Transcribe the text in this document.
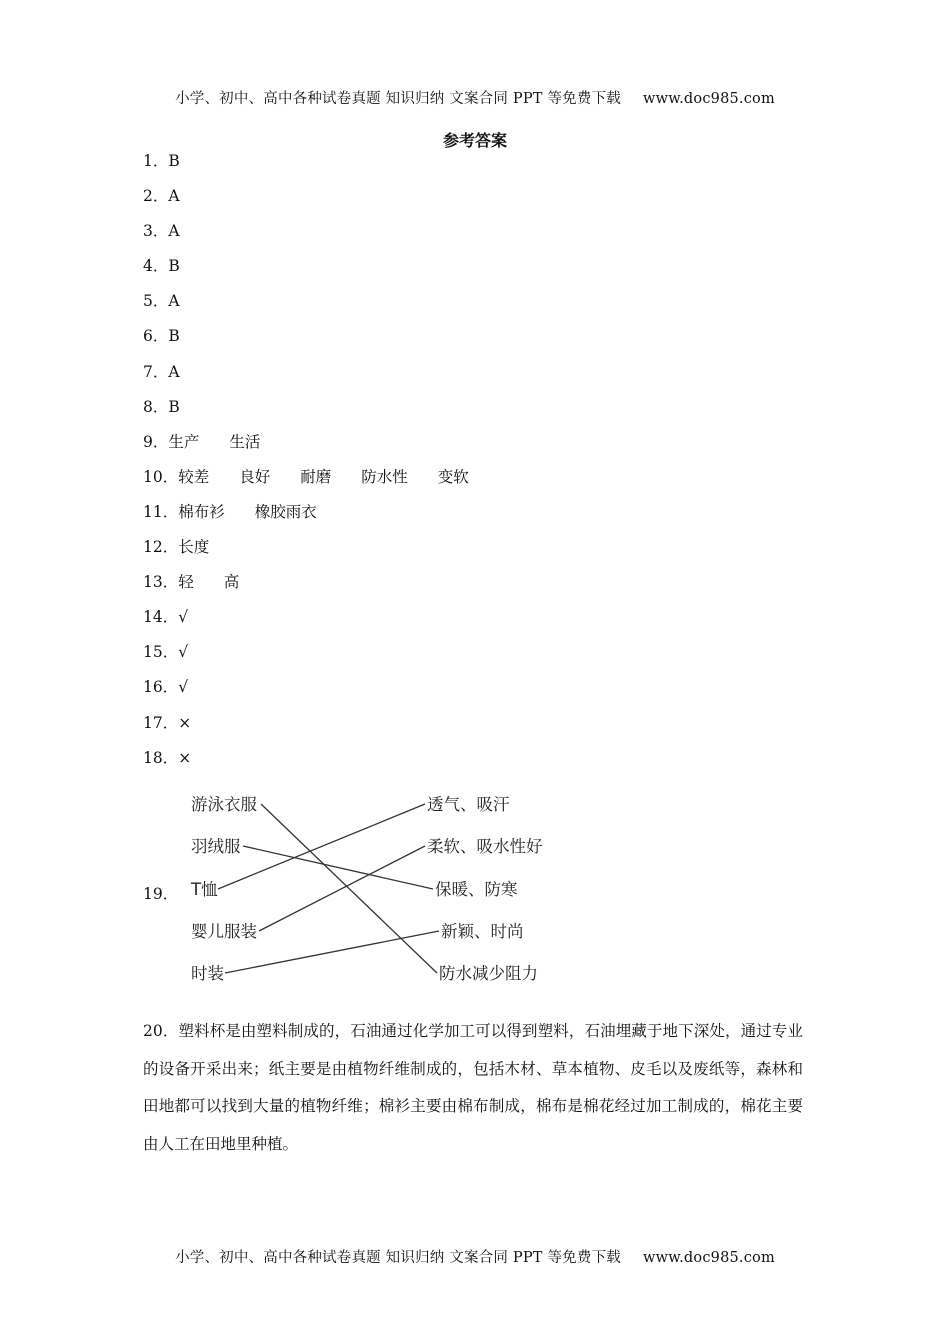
小学、初中、高中各种试卷真题 知识归纳 文案合同 PPT 等免费下载 www.doc985.com
参考答案
1．B
2．A
3．A
4．B
5．A
6．B
7．A
8．B
9．生产 生活
10．较差 良好 耐磨 防水性 变软
11．棉布衫 橡胶雨衣
12．长度
13．轻 高
14．√
15．√
16．√
17．×
18．×
19．
游泳衣服
羽绒服
T恤
婴儿服装
时装
透气、吸汗
柔软、吸水性好
保暖、防寒
新颖、时尚
防水减少阻力
20．塑料杯是由塑料制成的，石油通过化学加工可以得到塑料，石油埋藏于地下深处，通过专业的设备开采出来；纸主要是由植物纤维制成的，包括木材、草本植物、皮毛以及废纸等，森林和田地都可以找到大量的植物纤维；棉衫主要由棉布制成，棉布是棉花经过加工制成的，棉花主要由人工在田地里种植。
小学、初中、高中各种试卷真题 知识归纳 文案合同 PPT 等免费下载 www.doc985.com
